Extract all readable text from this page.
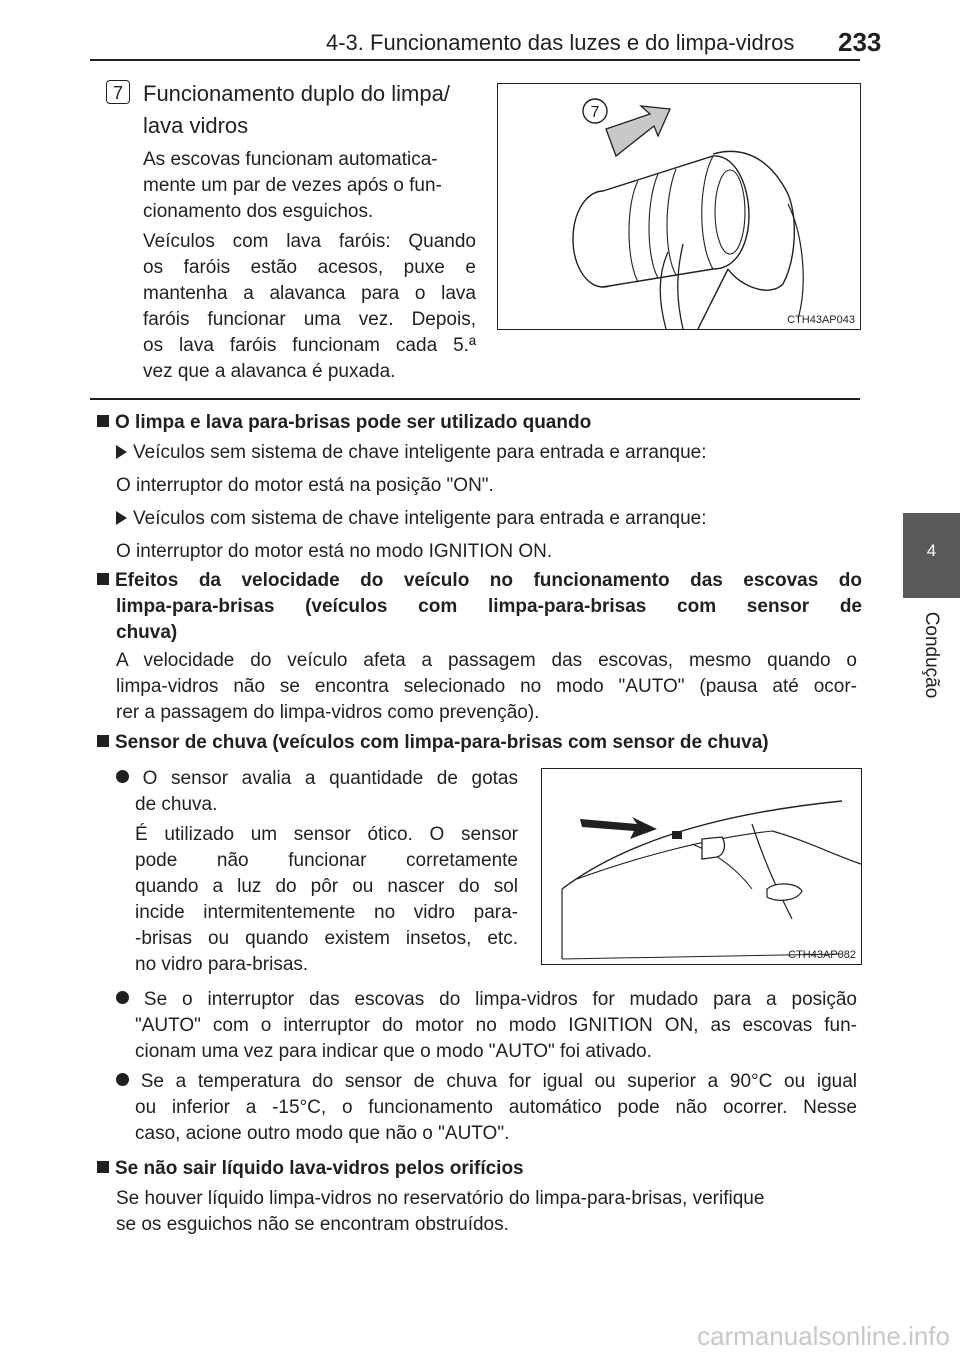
4-3. Funcionamento das luzes e do limpa-vidros 233
4
Condução
7 Funcionamento duplo do limpa/
lava vidros
As escovas funcionam automatica-
mente um par de vezes após o fun-
cionamento dos esguichos.
Veículos com lava faróis: Quando
os faróis estão acesos, puxe e
mantenha a alavanca para o lava
faróis funcionar uma vez. Depois,
os lava faróis funcionam cada 5.ª
vez que a alavanca é puxada.
7
CTH43AP043
O limpa e lava para-brisas pode ser utilizado quando
Veículos sem sistema de chave inteligente para entrada e arranque:
O interruptor do motor está na posição "ON".
Veículos com sistema de chave inteligente para entrada e arranque:
O interruptor do motor está no modo IGNITION ON.
Efeitos da velocidade do veículo no funcionamento das escovas do
limpa-para-brisas (veículos com limpa-para-brisas com sensor de
chuva)
A velocidade do veículo afeta a passagem das escovas, mesmo quando o
limpa-vidros não se encontra selecionado no modo "AUTO" (pausa até ocor-
rer a passagem do limpa-vidros como prevenção).
Sensor de chuva (veículos com limpa-para-brisas com sensor de chuva)
O sensor avalia a quantidade de gotas
de chuva.
É utilizado um sensor ótico. O sensor
pode não funcionar corretamente
quando a luz do pôr ou nascer do sol
incide intermitentemente no vidro para-
-brisas ou quando existem insetos, etc.
no vidro para-brisas.	CTH43AP082
Se o interruptor das escovas do limpa-vidros for mudado para a posição
"AUTO" com o interruptor do motor no modo IGNITION ON, as escovas fun-
cionam uma vez para indicar que o modo "AUTO" foi ativado.
Se a temperatura do sensor de chuva for igual ou superior a 90°C ou igual
ou inferior a -15°C, o funcionamento automático pode não ocorrer. Nesse
caso, acione outro modo que não o "AUTO".
Se não sair líquido lava-vidros pelos orifícios
Se houver líquido limpa-vidros no reservatório do limpa-para-brisas, verifique
se os esguichos não se encontram obstruídos.
carmanualsonline.info
